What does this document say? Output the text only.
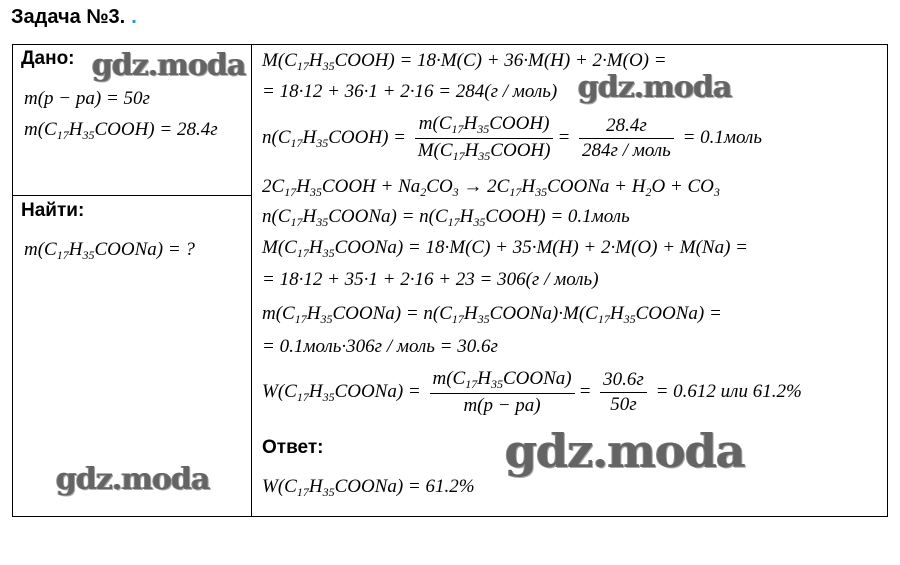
Задача №3. .
Дано:
m(p − pa) = 50г
$m(C_{17}H_{35}COOH) = 28.4г$
Найти:
$m(C_{17}H_{35}COONa)$ = ?
$M(C_{17}H_{35}COOH) = 18\cdot M(C) + 36\cdot M(H) + 2\cdot M(O)$ =
= 18·12 + 36·1 + 2·16 = 284(г / моль)
$n(C_{17}H_{35}COOH) = \frac{m(C_{17}H_{35}COOH)}{M(C_{17}H_{35}COOH)} = \frac{28.4г}{\text{284г / моль}}$ = 0.1моль
$2C_{17}H_{35}COOH + Na_2CO_3$ → $2C_{17}H_{35}COONa + H_2O + CO_3$
$n(C_{17}H_{35}COONa)$ = $n(C_{17}H_{35}COOH)$ = 0.1моль
$M(C_{17}H_{35}COONa) = 18\cdot M(C) + 35\cdot M(H) + 2\cdot M(O) + M(Na)$ =
= 18·12 + 35·1 + 2·16 + 23 = 306(г / моль)
$m(C_{17}H_{35}COONa)$ = $n(C_{17}H_{35}COONa)\cdot M(C_{17}H_{35}COONa)$ =
= 0.1моль·306г / моль = 30.6г
$W(C_{17}H_{35}COONa) = \frac{m(C_{17}H_{35}COONa)}{m(p - pa)} = \frac{30.6г}{50г} = 0.612$ или 61.2%
Ответ:
$W(C_{17}H_{35}COONa) = 61.2\%$
gdz.moda
gdz.moda
gdz.moda
gdz.moda
